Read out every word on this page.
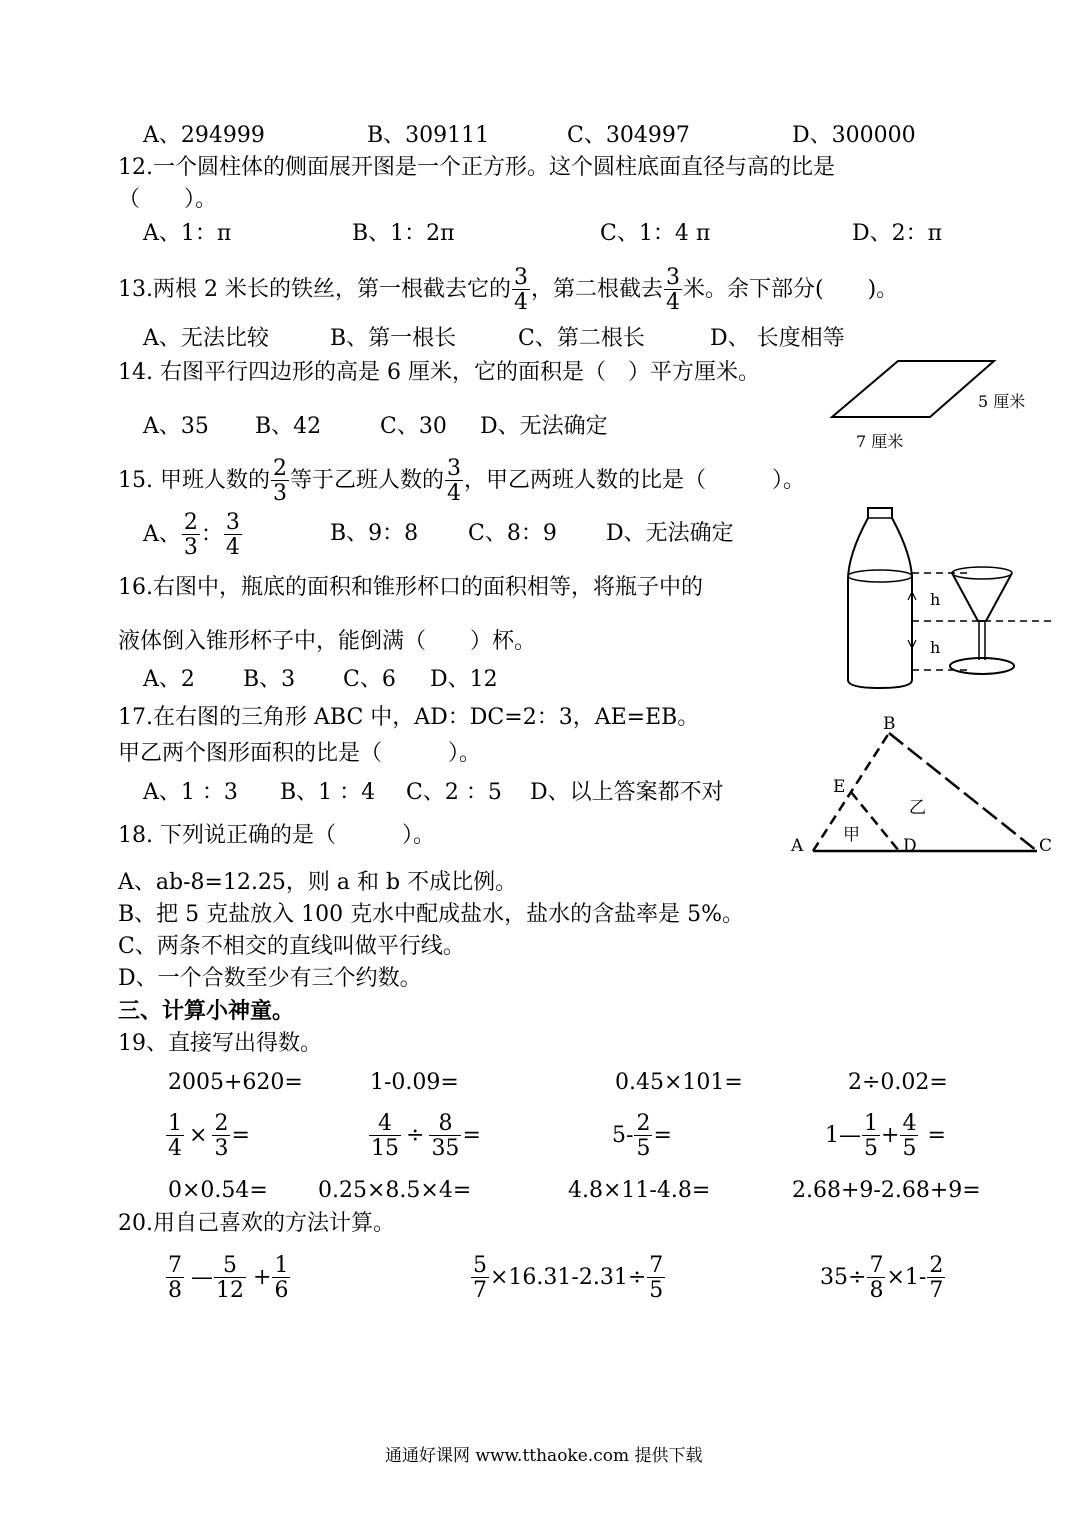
A、294999	B、309111	C、304997	D、300000
12.一个圆柱体的侧面展开图是一个正方形。这个圆柱底面直径与高的比是
（　　）。
A、1：π	B、1：2π	C、1：4 π	D、2：π
13.两根 2 米长的铁丝，第一根截去它的 $\frac{3}{4}$ ，第二根截去 $\frac{3}{4}$ 米。余下部分(　　)。
A、无法比较	B、第一根长	C、第二根长	D、 长度相等
14. 右图平行四边形的高是 6 厘米，它的面积是（　）平方厘米。
A、35 B、42	C、30 D、无法确定
5 厘米
7 厘米
15. 甲班人数的 $\frac{2}{3}$ 等于乙班人数的 $\frac{3}{4}$ ，甲乙两班人数的比是（　　　）。
A、 $\frac{2}{3}$ ： $\frac{3}{4}$	B、9：8 C、8：9 D、无法确定
16.右图中，瓶底的面积和锥形杯口的面积相等，将瓶子中的
液体倒入锥形杯子中，能倒满（　　）杯。
A、2 B、3 C、6 D、12
h
h
17.在右图的三角形 ABC 中，AD：DC=2：3，AE=EB。
甲乙两个图形面积的比是（　　　）。
A、1 ：3 B、1 ：4 C、2 ：5 D、以上答案都不对
A
B
C
D
E
甲
乙
18. 下列说正确的是（　　　）。
A、ab-8=12.25，则 a 和 b 不成比例。
B、把 5 克盐放入 100 克水中配成盐水，盐水的含盐率是 5%。
C、两条不相交的直线叫做平行线。
D、一个合数至少有三个约数。
三、计算小神童。
19、直接写出得数。
2005+620=	1-0.09=	0.45×101=	2÷0.02=
$\frac{1}{4} \times \frac{2}{3}$ =	$\frac{4}{15} \div \frac{8}{35}$ =	$5- \frac{2}{5}$ =	1— $\frac{1}{5} + \frac{4}{5}$ =
0×0.54= 0.25×8.5×4=	4.8×11-4.8=	2.68+9-2.68+9=
20.用自己喜欢的方法计算。
$\frac{7}{8}$ — $\frac{5}{12} + \frac{1}{6}$	$\frac{5}{7} \times 16.31-2.31\div \frac{7}{5}$	$35\div \frac{7}{8} \times 1- \frac{2}{7}$
通通好课网 www.tthaoke.com 提供下载
